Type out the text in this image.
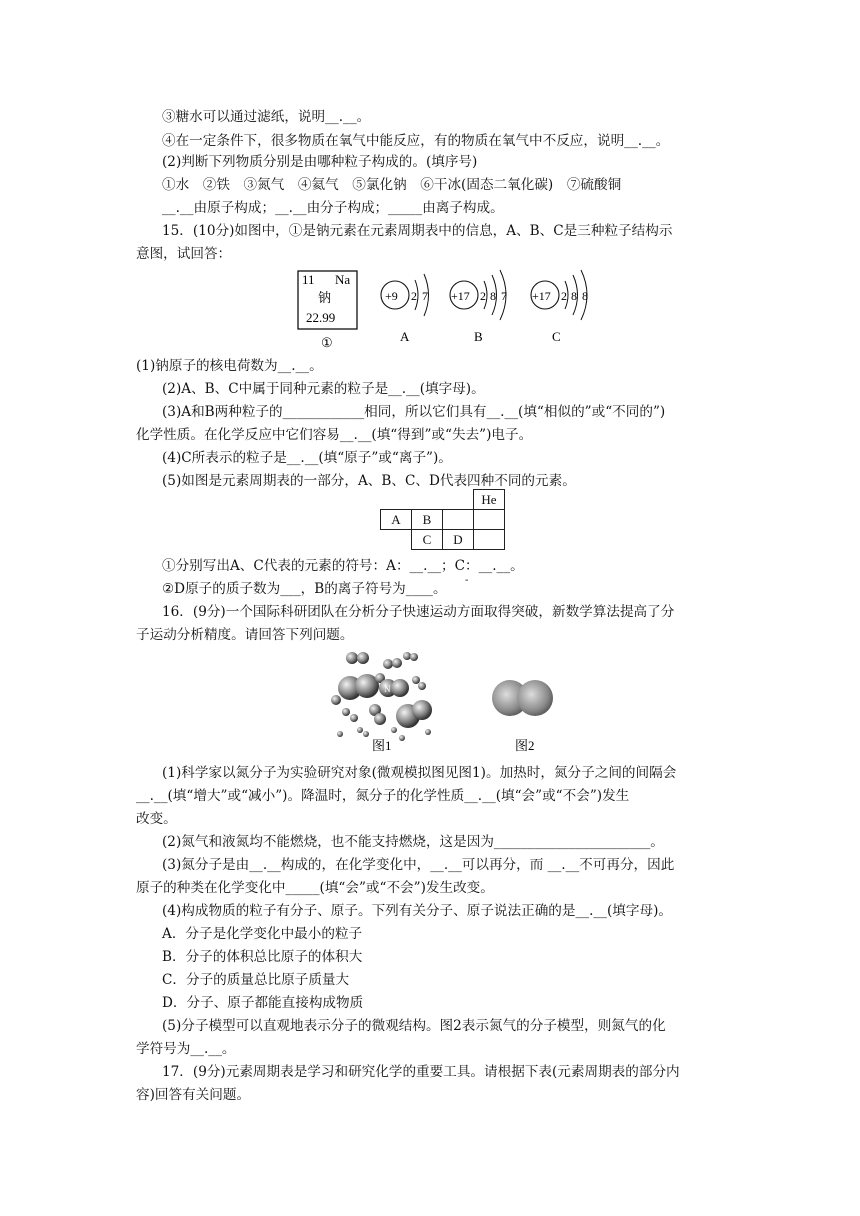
③糖水可以通过滤纸，说明__.__。
④在一定条件下，很多物质在氧气中能反应，有的物质在氧气中不反应，说明__.__。
(2)判断下列物质分别是由哪种粒子构成的。(填序号)
①水　②铁　③氮气　④氦气　⑤氯化钠　⑥干冰(固态二氧化碳)　⑦硫酸铜
__.__由原子构成；__.__由分子构成；_____由离子构成。
15．(10分)如图中，①是钠元素在元素周期表中的信息，A、B、C是三种粒子结构示
意图，试回答：
11 Na
钠
22.99
①
+9 2 7
A
+17 2 8 7
B
+17 2 8 8
C
(1)钠原子的核电荷数为__.__。
(2)A、B、C中属于同种元素的粒子是__.__(填字母)。
(3)A和B两种粒子的____________相同，所以它们具有__.__(填“相似的”或“不同的”)
化学性质。在化学反应中它们容易__.__(填“得到”或“失去”)电子。
(4)C所表示的粒子是__.__(填“原子”或“离子”)。
(5)如图是元素周期表的一部分，A、B、C、D代表四种不同的元素。
			He
A	B		
	C	D	
①分别写出A、C代表的元素的符号：A：__.__；C：__.__。
②D原子的质子数为___，B的离子符号为____。
-
16．(9分)一个国际科研团队在分析分子快速运动方面取得突破，新数学算法提高了分
子运动分析精度。请回答下列问题。
N
图1	图2
(1)科学家以氮分子为实验研究对象(微观模拟图见图1)。加热时，氮分子之间的间隔会
__.__(填“增大”或“减小”)。降温时，氮分子的化学性质__.__(填“会”或“不会”)发生
改变。
(2)氮气和液氮均不能燃烧，也不能支持燃烧，这是因为_______________________。
(3)氮分子是由__.__构成的，在化学变化中，__.__可以再分，而 __.__不可再分，因此
原子的种类在化学变化中_____(填“会”或“不会”)发生改变。
(4)构成物质的粒子有分子、原子。下列有关分子、原子说法正确的是__.__(填字母)。
A．分子是化学变化中最小的粒子
B．分子的体积总比原子的体积大
C．分子的质量总比原子质量大
D．分子、原子都能直接构成物质
(5)分子模型可以直观地表示分子的微观结构。图2表示氮气的分子模型，则氮气的化
学符号为__.__。
17．(9分)元素周期表是学习和研究化学的重要工具。请根据下表(元素周期表的部分内
容)回答有关问题。
